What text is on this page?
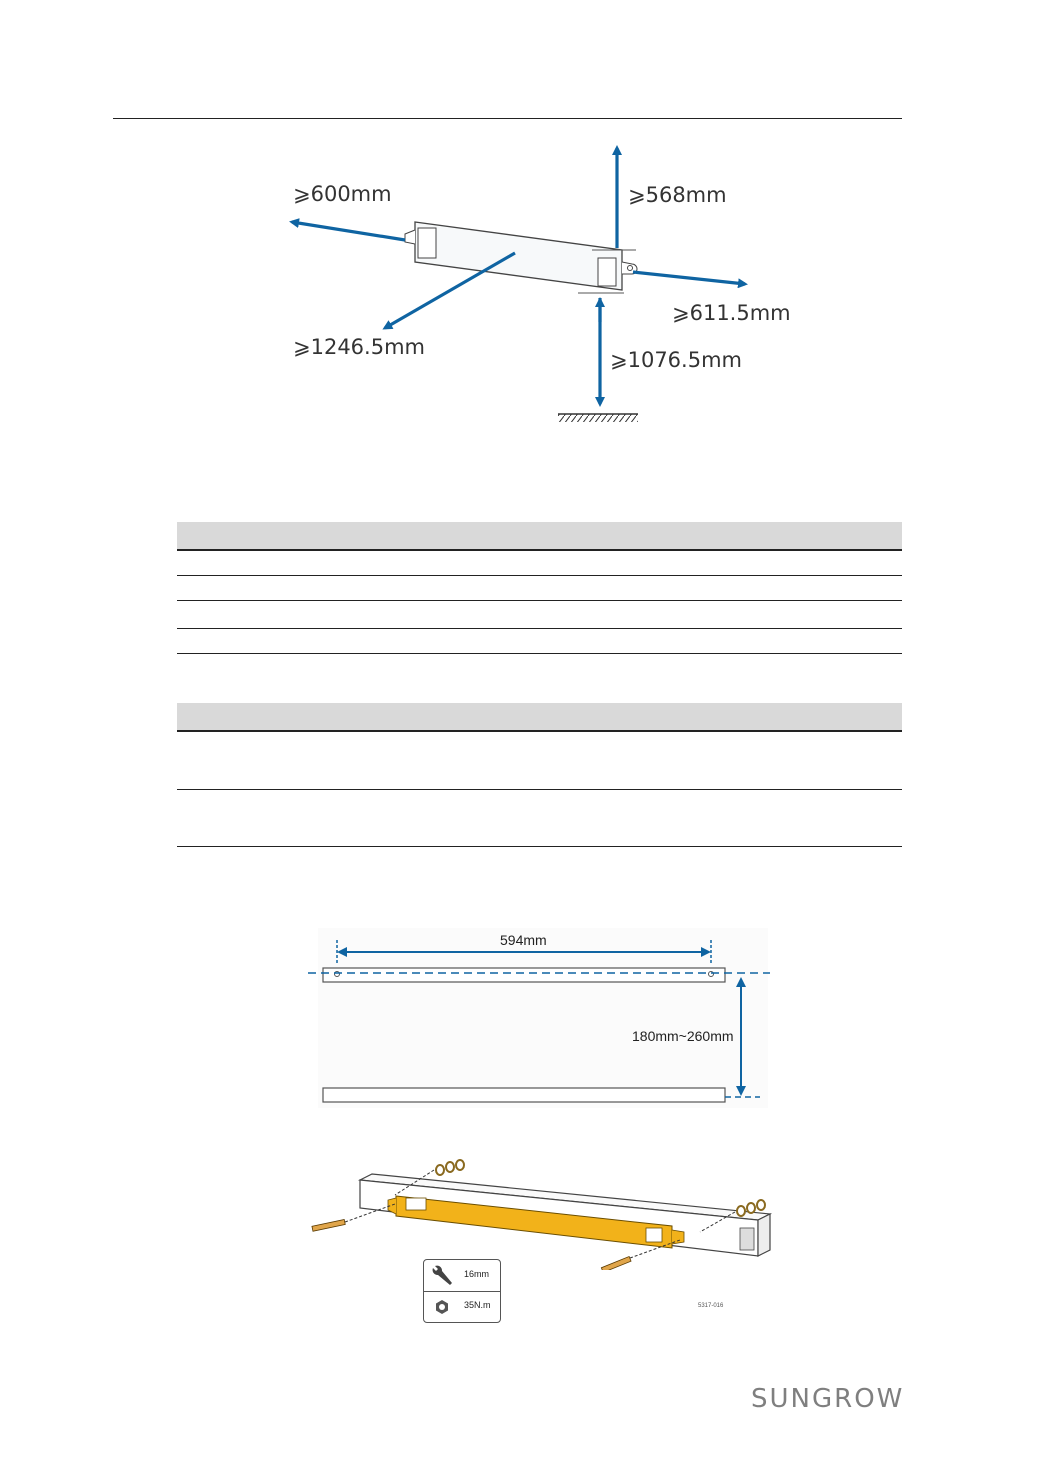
⩾600mm	⩾568mm
⩾611.5mm
⩾1246.5mm
⩾1076.5mm
594mm
180mm~260mm
16mm
35N.m	5317-016
SUNGROW
